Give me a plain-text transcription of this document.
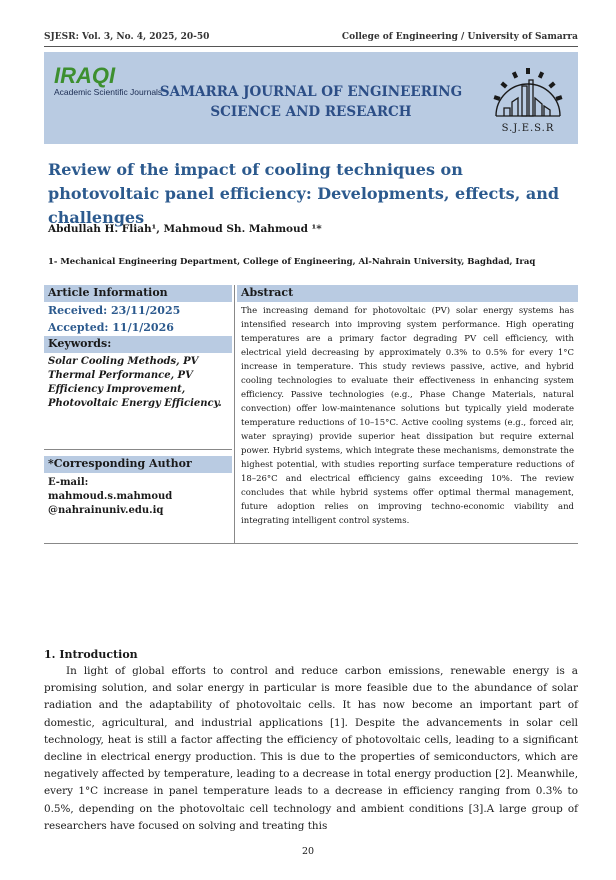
SJESR: Vol. 3, No. 4, 2025, 20-50	College of Engineering / University of Samarra
IRAQI
Academic Scientific Journals
SAMARRA JOURNAL OF ENGINEERING
SCIENCE AND RESEARCH
S.J.E.S.R
Review of the impact of cooling techniques on photovoltaic panel efficiency: Developments, effects, and challenges
Abdullah H. Fliah¹, Mahmoud Sh. Mahmoud ¹*
1- Mechanical Engineering Department, College of Engineering, Al-Nahrain University, Baghdad, Iraq
Article Information
Received: 23/11/2025
Accepted: 11/1/2026
Keywords:
Solar Cooling Methods, PV Thermal Performance, PV Efficiency Improvement, Photovoltaic Energy Efficiency.
*Corresponding Author
E-mail:
mahmoud.s.mahmoud
@nahrainuniv.edu.iq
Abstract
The increasing demand for photovoltaic (PV) solar energy systems has intensified research into improving system performance. High operating temperatures are a primary factor degrading PV cell efficiency, with electrical yield decreasing by approximately 0.3% to 0.5% for every 1°C increase in temperature. This study reviews passive, active, and hybrid cooling technologies to evaluate their effectiveness in enhancing system efficiency. Passive technologies (e.g., Phase Change Materials, natural convection) offer low-maintenance solutions but typically yield moderate temperature reductions of 10–15°C. Active cooling systems (e.g., forced air, water spraying) provide superior heat dissipation but require external power. Hybrid systems, which integrate these mechanisms, demonstrate the highest potential, with studies reporting surface temperature reductions of 18–26°C and electrical efficiency gains exceeding 10%. The review concludes that while hybrid systems offer optimal thermal management, future adoption relies on improving techno-economic viability and integrating intelligent control systems.
1. Introduction

In light of global efforts to control and reduce carbon emissions, renewable energy is a promising solution, and solar energy in particular is more feasible due to the abundance of solar radiation and the adaptability of photovoltaic cells. It has now become an important part of domestic, agricultural, and industrial applications [1]. Despite the advancements in solar cell technology, heat is still a factor affecting the efficiency of photovoltaic cells, leading to a significant decline in electrical energy production. This is due to the properties of semiconductors, which are negatively affected by temperature, leading to a decrease in total energy production [2]. Meanwhile, every 1°C increase in panel temperature leads to a decrease in efficiency ranging from 0.3% to 0.5%, depending on the photovoltaic cell technology and ambient conditions [3].A large group of researchers have focused on solving and treating this

20
